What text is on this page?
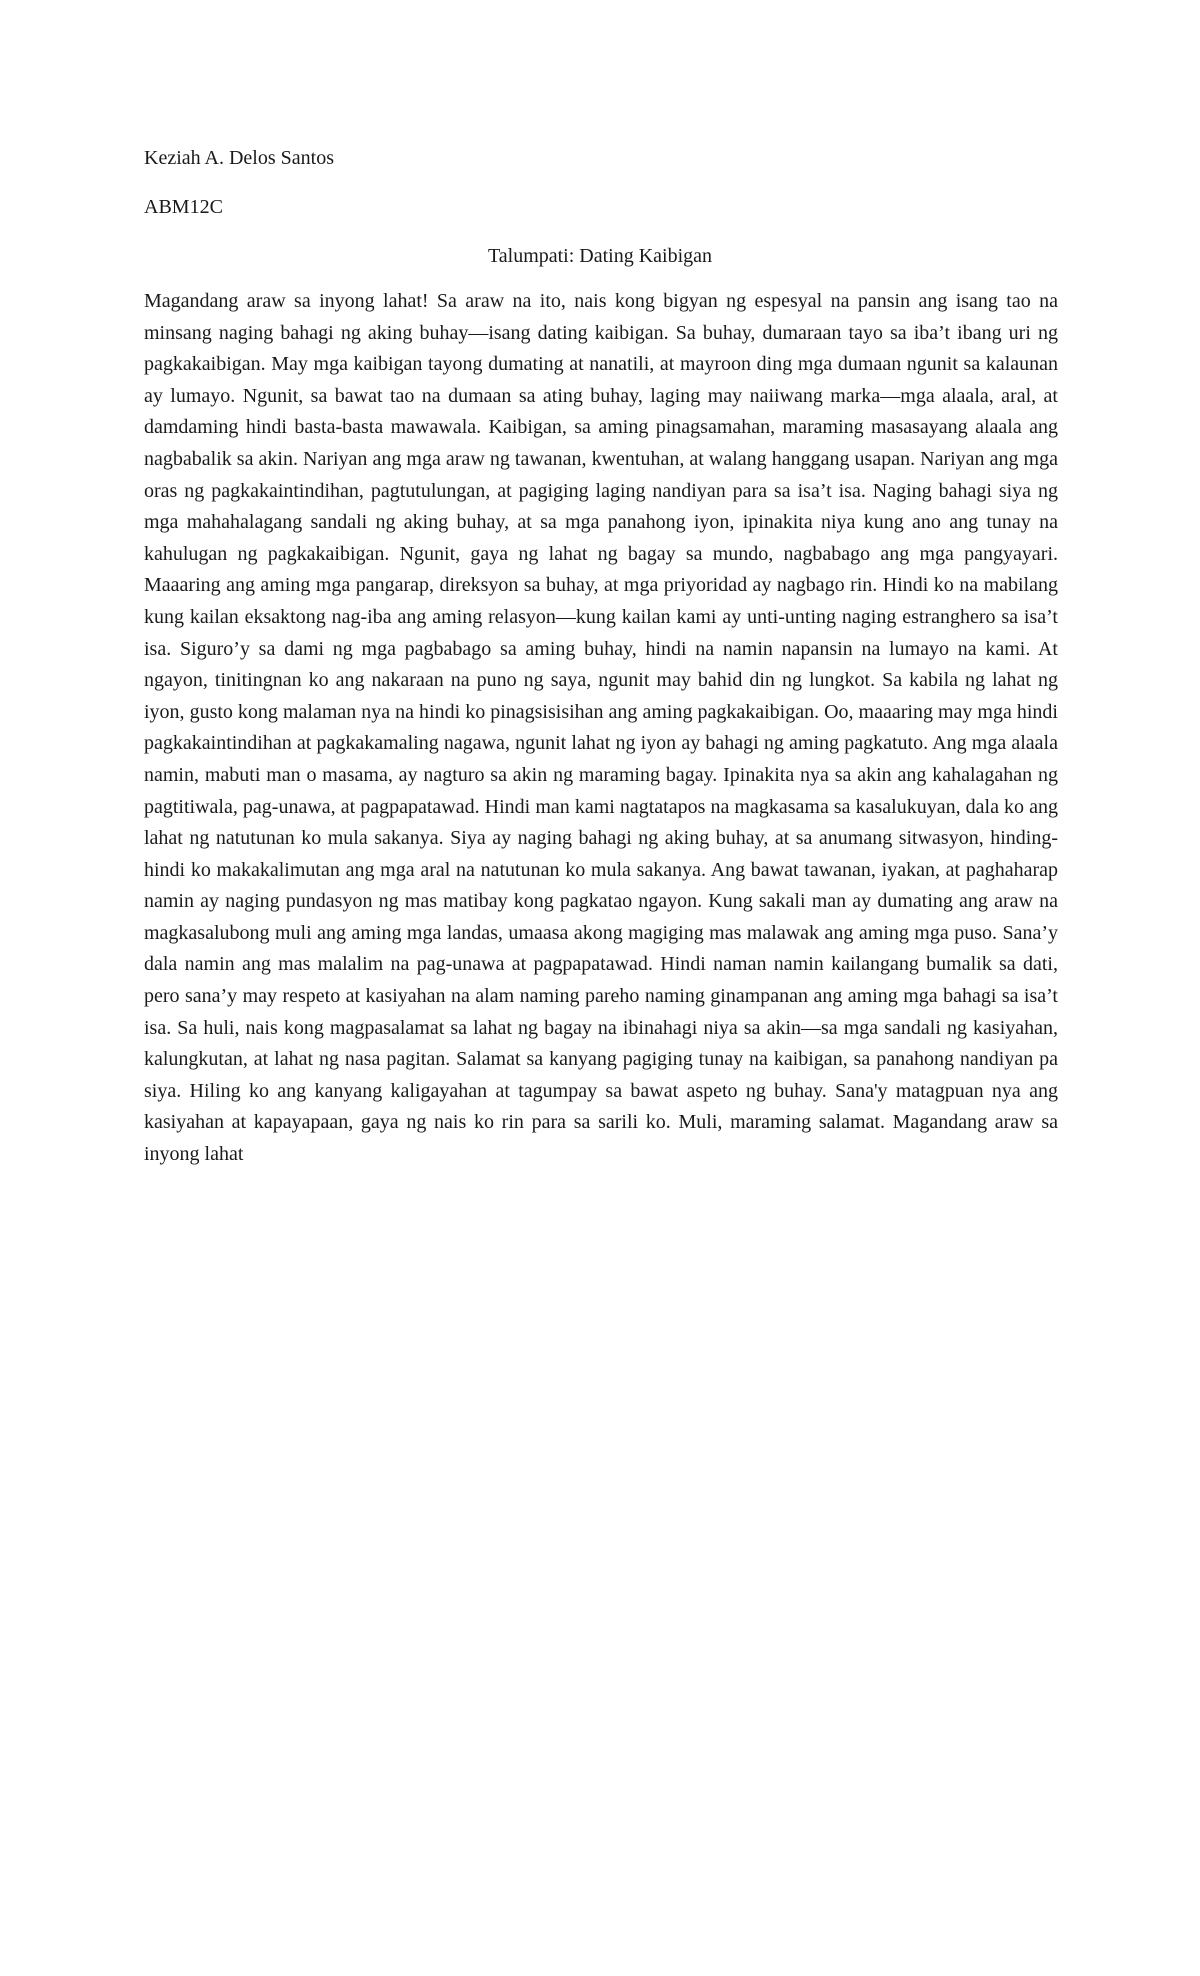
Keziah A. Delos Santos

ABM12C

Talumpati: Dating Kaibigan

Magandang araw sa inyong lahat! Sa araw na ito, nais kong bigyan ng espesyal na pansin ang isang tao na minsang naging bahagi ng aking buhay—isang dating kaibigan. Sa buhay, dumaraan tayo sa iba’t ibang uri ng pagkakaibigan. May mga kaibigan tayong dumating at nanatili, at mayroon ding mga dumaan ngunit sa kalaunan ay lumayo. Ngunit, sa bawat tao na dumaan sa ating buhay, laging may naiiwang marka—mga alaala, aral, at damdaming hindi basta-basta mawawala. Kaibigan, sa aming pinagsamahan, maraming masasayang alaala ang nagbabalik sa akin. Nariyan ang mga araw ng tawanan, kwentuhan, at walang hanggang usapan. Nariyan ang mga oras ng pagkakaintindihan, pagtutulungan, at pagiging laging nandiyan para sa isa’t isa. Naging bahagi siya ng mga mahahalagang sandali ng aking buhay, at sa mga panahong iyon, ipinakita niya kung ano ang tunay na kahulugan ng pagkakaibigan. Ngunit, gaya ng lahat ng bagay sa mundo, nagbabago ang mga pangyayari. Maaaring ang aming mga pangarap, direksyon sa buhay, at mga priyoridad ay nagbago rin. Hindi ko na mabilang kung kailan eksaktong nag-iba ang aming relasyon—kung kailan kami ay unti-unting naging estranghero sa isa’t isa. Siguro’y sa dami ng mga pagbabago sa aming buhay, hindi na namin napansin na lumayo na kami. At ngayon, tinitingnan ko ang nakaraan na puno ng saya, ngunit may bahid din ng lungkot. Sa kabila ng lahat ng iyon, gusto kong malaman nya na hindi ko pinagsisisihan ang aming pagkakaibigan. Oo, maaaring may mga hindi pagkakaintindihan at pagkakamaling nagawa, ngunit lahat ng iyon ay bahagi ng aming pagkatuto. Ang mga alaala namin, mabuti man o masama, ay nagturo sa akin ng maraming bagay. Ipinakita nya sa akin ang kahalagahan ng pagtitiwala, pag-unawa, at pagpapatawad. Hindi man kami nagtatapos na magkasama sa kasalukuyan, dala ko ang lahat ng natutunan ko mula sakanya. Siya ay naging bahagi ng aking buhay, at sa anumang sitwasyon, hinding-hindi ko makakalimutan ang mga aral na natutunan ko mula sakanya. Ang bawat tawanan, iyakan, at paghaharap namin ay naging pundasyon ng mas matibay kong pagkatao ngayon. Kung sakali man ay dumating ang araw na magkasalubong muli ang aming mga landas, umaasa akong magiging mas malawak ang aming mga puso. Sana’y dala namin ang mas malalim na pag-unawa at pagpapatawad. Hindi naman namin kailangang bumalik sa dati, pero sana’y may respeto at kasiyahan na alam naming pareho naming ginampanan ang aming mga bahagi sa isa’t isa. Sa huli, nais kong magpasalamat sa lahat ng bagay na ibinahagi niya sa akin—sa mga sandali ng kasiyahan, kalungkutan, at lahat ng nasa pagitan. Salamat sa kanyang pagiging tunay na kaibigan, sa panahong nandiyan pa siya. Hiling ko ang kanyang kaligayahan at tagumpay sa bawat aspeto ng buhay. Sana'y matagpuan nya ang kasiyahan at kapayapaan, gaya ng nais ko rin para sa sarili ko. Muli, maraming salamat. Magandang araw sa inyong lahat
